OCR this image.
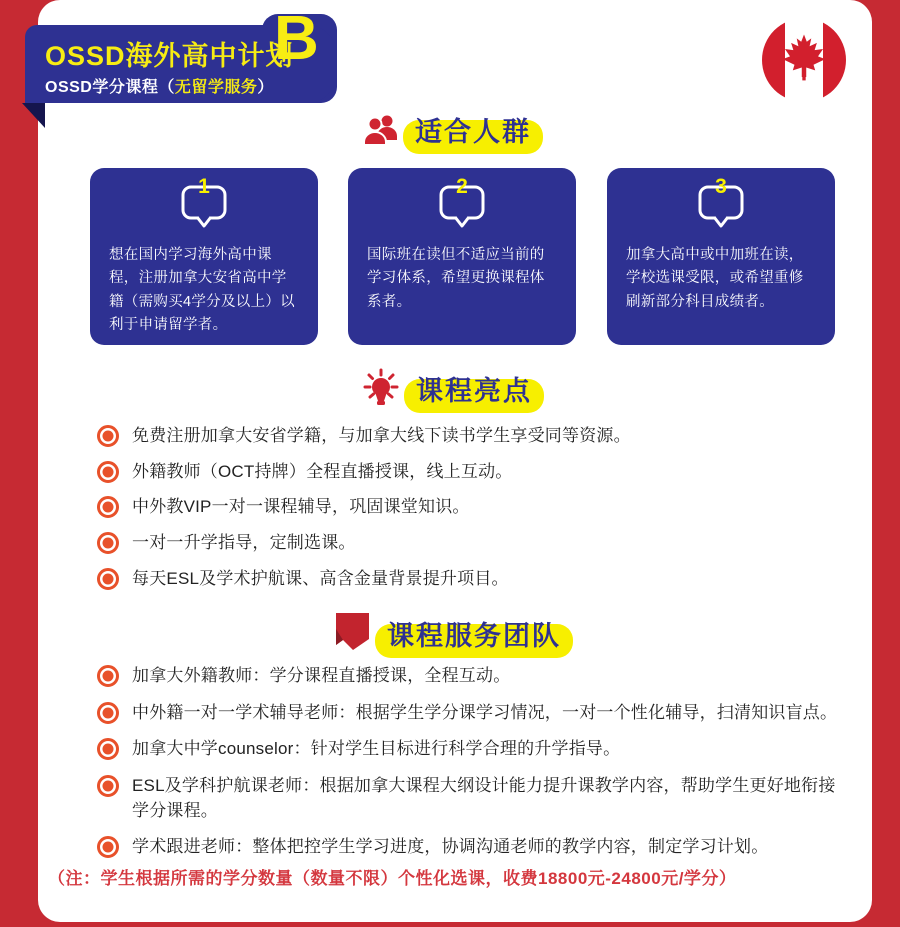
OSSD海外高中计划
B
OSSD学分课程（无留学服务）
适合人群
1
想在国内学习海外高中课程，注册加拿大安省高中学籍（需购买4学分及以上）以利于申请留学者。
2
国际班在读但不适应当前的学习体系，希望更换课程体系者。
3
加拿大高中或中加班在读，学校选课受限，或希望重修刷新部分科目成绩者。
课程亮点
免费注册加拿大安省学籍，与加拿大线下读书学生享受同等资源。
外籍教师（OCT持牌）全程直播授课，线上互动。
中外教VIP一对一课程辅导，巩固课堂知识。
一对一升学指导，定制选课。
每天ESL及学术护航课、高含金量背景提升项目。
课程服务团队
加拿大外籍教师：学分课程直播授课，全程互动。
中外籍一对一学术辅导老师：根据学生学分课学习情况，一对一个性化辅导，扫清知识盲点。
加拿大中学counselor：针对学生目标进行科学合理的升学指导。
ESL及学科护航课老师：根据加拿大课程大纲设计能力提升课教学内容，帮助学生更好地衔接学分课程。
学术跟进老师：整体把控学生学习进度，协调沟通老师的教学内容，制定学习计划。
（注：学生根据所需的学分数量（数量不限）个性化选课，收费18800元-24800元/学分）
